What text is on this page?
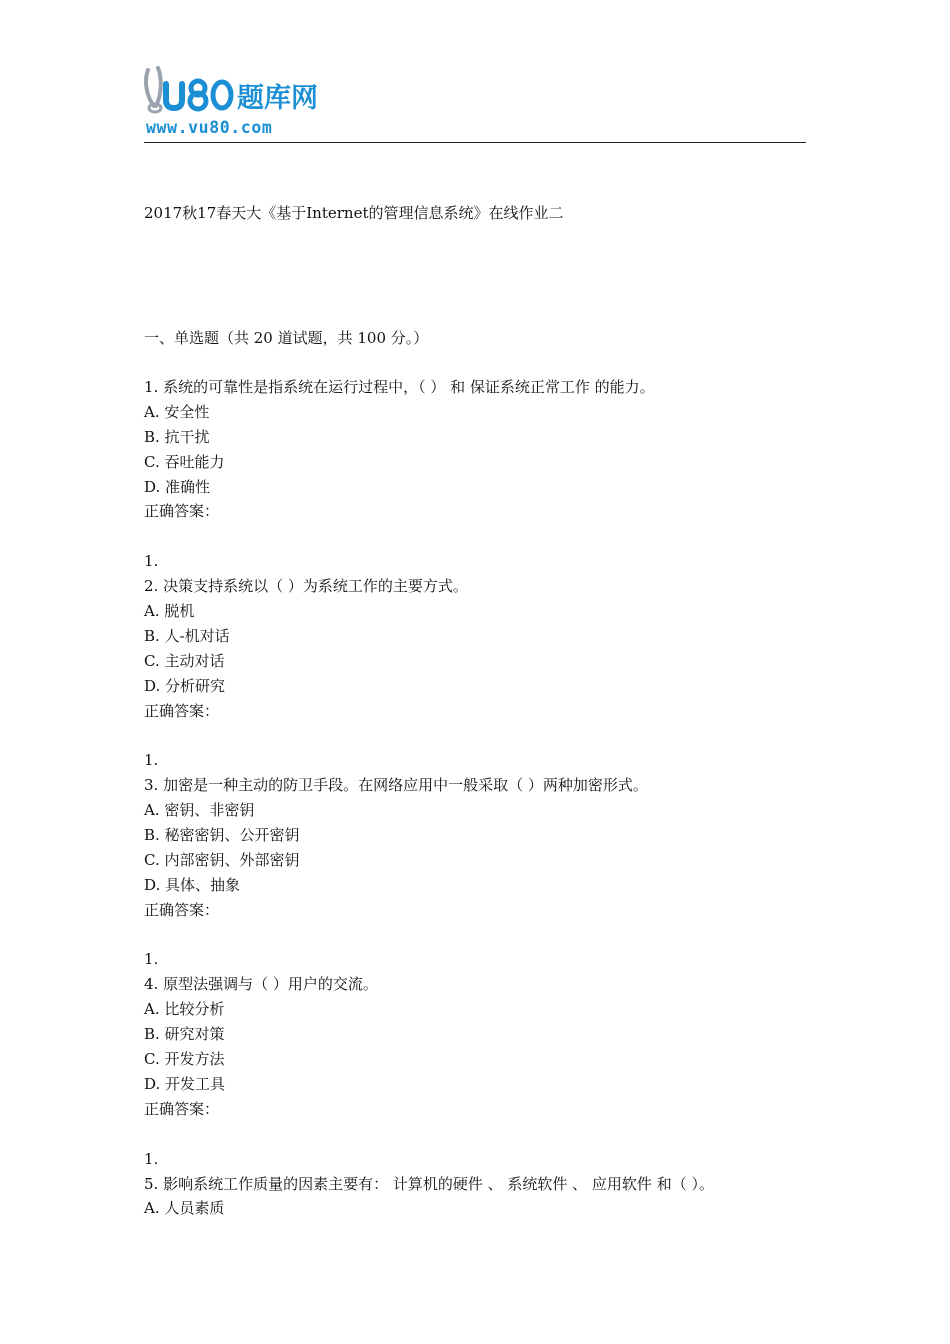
题库网
www.vu80.com
2017秋17春天大《基于Internet的管理信息系统》在线作业二
一、单选题（共 20 道试题，共 100 分。）
1. 系统的可靠性是指系统在运行过程中，（ ） 和 保证系统正常工作 的能力。
A. 安全性
B. 抗干扰
C. 吞吐能力
D. 准确性
正确答案：
1.
2. 决策支持系统以（ ）为系统工作的主要方式。
A. 脱机
B. 人-机对话
C. 主动对话
D. 分析研究
正确答案：
1.
3. 加密是一种主动的防卫手段。在网络应用中一般采取（ ）两种加密形式。
A. 密钥、非密钥
B. 秘密密钥、公开密钥
C. 内部密钥、外部密钥
D. 具体、抽象
正确答案：
1.
4. 原型法强调与（ ）用户的交流。
A. 比较分析
B. 研究对策
C. 开发方法
D. 开发工具
正确答案：
1.
5. 影响系统工作质量的因素主要有： 计算机的硬件 、 系统软件 、 应用软件 和（ ）。
A. 人员素质
